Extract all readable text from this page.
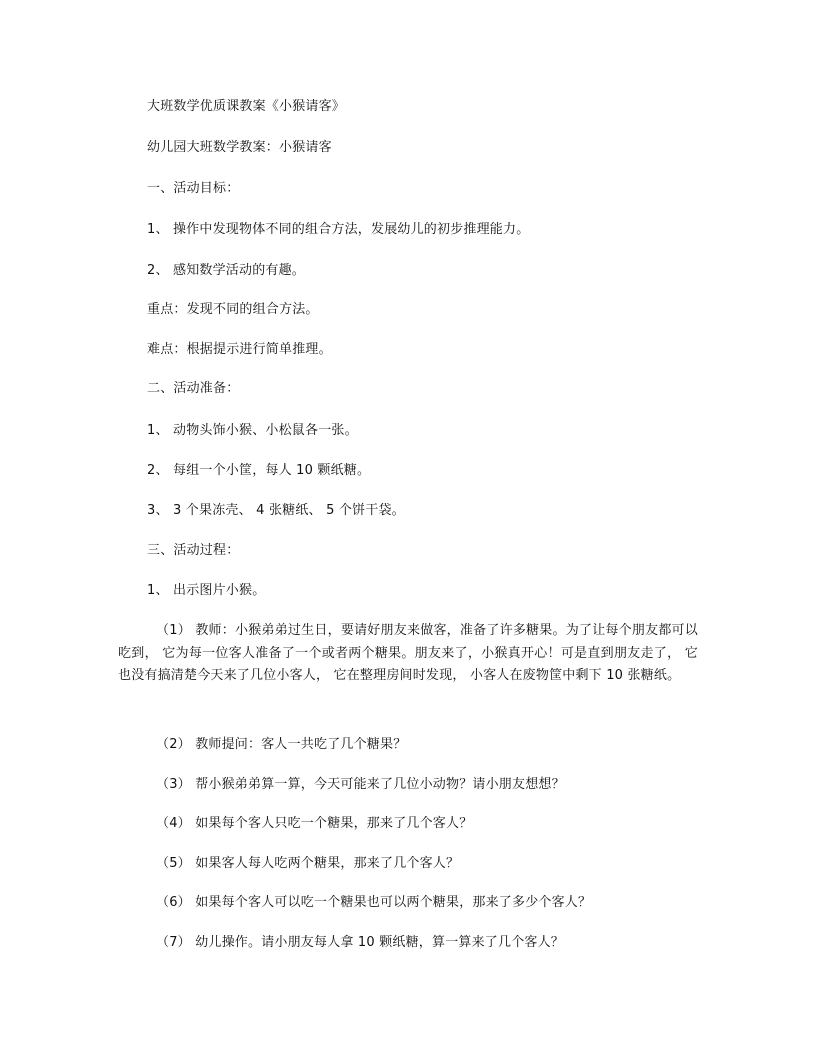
大班数学优质课教案《小猴请客》
幼儿园大班数学教案：小猴请客
一、活动目标：
1、 操作中发现物体不同的组合方法，发展幼儿的初步推理能力。
2、 感知数学活动的有趣。
重点：发现不同的组合方法。
难点：根据提示进行简单推理。
二、活动准备：
1、 动物头饰小猴、小松鼠各一张。
2、 每组一个小筐，每人 10 颗纸糖。
3、 3 个果冻壳、 4 张糖纸、 5 个饼干袋。
三、活动过程：
1、 出示图片小猴。
（1） 教师：小猴弟弟过生日，要请好朋友来做客，准备了许多糖果。为了让每个朋友都可以吃到， 它为每一位客人准备了一个或者两个糖果。朋友来了，小猴真开心！可是直到朋友走了， 它也没有搞清楚今天来了几位小客人， 它在整理房间时发现， 小客人在废物筐中剩下 10 张糖纸。
（2） 教师提问：客人一共吃了几个糖果？
（3） 帮小猴弟弟算一算，今天可能来了几位小动物？请小朋友想想？
（4） 如果每个客人只吃一个糖果，那来了几个客人？
（5） 如果客人每人吃两个糖果，那来了几个客人？
（6） 如果每个客人可以吃一个糖果也可以两个糖果，那来了多少个客人？
（7） 幼儿操作。请小朋友每人拿 10 颗纸糖，算一算来了几个客人？
